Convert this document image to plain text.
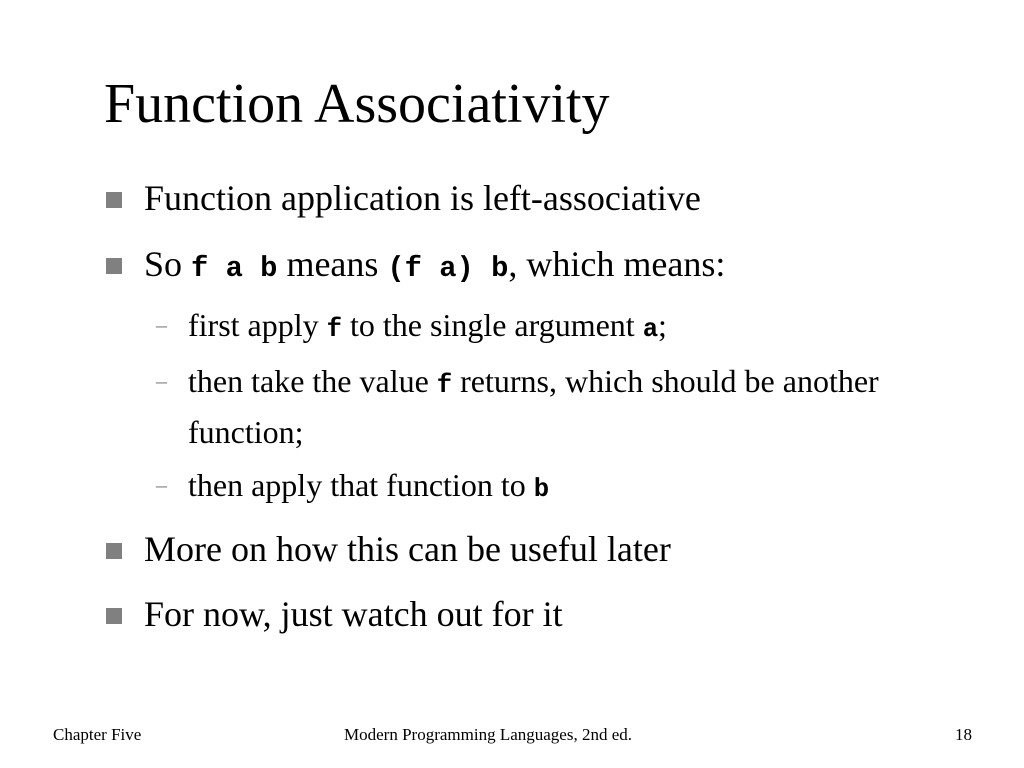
Function Associativity
Function application is left-associative
So f a b means (f a) b, which means:
– first apply f to the single argument a;
– then take the value f returns, which should be another function;
– then apply that function to b
More on how this can be useful later
For now, just watch out for it
Chapter Five	Modern Programming Languages, 2nd ed.	18
